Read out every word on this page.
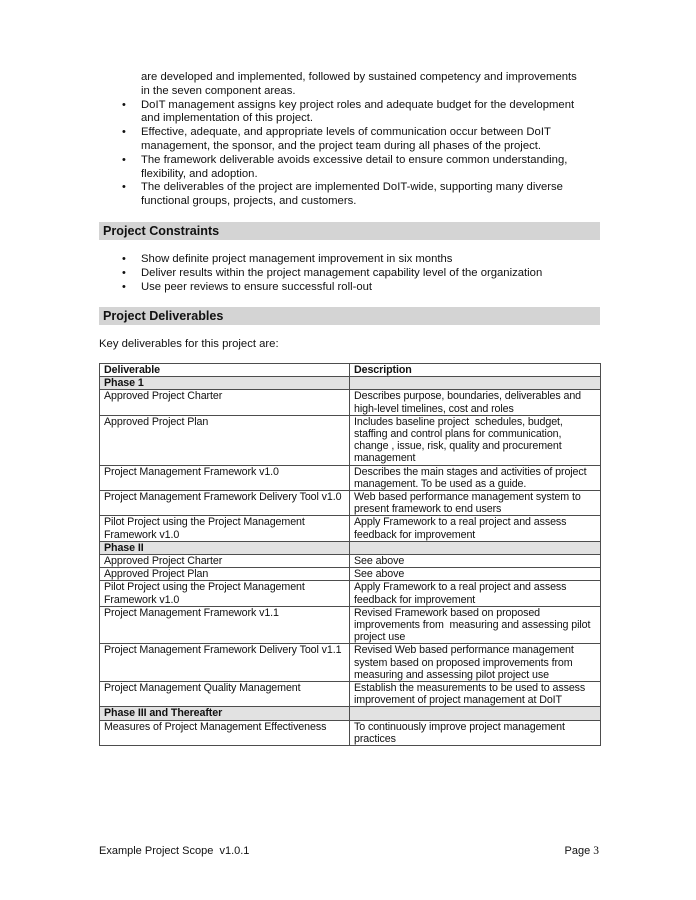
are developed and implemented, followed by sustained competency and improvements in the seven component areas.

• DoIT management assigns key project roles and adequate budget for the development and implementation of this project.
• Effective, adequate, and appropriate levels of communication occur between DoIT management, the sponsor, and the project team during all phases of the project.
• The framework deliverable avoids excessive detail to ensure common understanding, flexibility, and adoption.
• The deliverables of the project are implemented DoIT-wide, supporting many diverse functional groups, projects, and customers.
Project Constraints
• Show definite project management improvement in six months
• Deliver results within the project management capability level of the organization
• Use peer reviews to ensure successful roll-out
Project Deliverables
Key deliverables for this project are:
Deliverable	Description
Phase 1	
Approved Project Charter	Describes purpose, boundaries, deliverables and high-level timelines, cost and roles
Approved Project Plan	Includes baseline project  schedules, budget, staffing and control plans for communication, change , issue, risk, quality and procurement management
Project Management Framework v1.0	Describes the main stages and activities of project management. To be used as a guide.
Project Management Framework Delivery Tool v1.0	Web based performance management system to present framework to end users
Pilot Project using the Project Management Framework v1.0	Apply Framework to a real project and assess feedback for improvement
Phase II	
Approved Project Charter	See above
Approved Project Plan	See above
Pilot Project using the Project Management Framework v1.0	Apply Framework to a real project and assess feedback for improvement
Project Management Framework v1.1	Revised Framework based on proposed improvements from  measuring and assessing pilot project use
Project Management Framework Delivery Tool v1.1	Revised Web based performance management system based on proposed improvements from measuring and assessing pilot project use
Project Management Quality Management	Establish the measurements to be used to assess improvement of project management at DoIT
Phase III and Thereafter	
Measures of Project Management Effectiveness	To continuously improve project management practices
Example Project Scope  v1.0.1	Page 3
